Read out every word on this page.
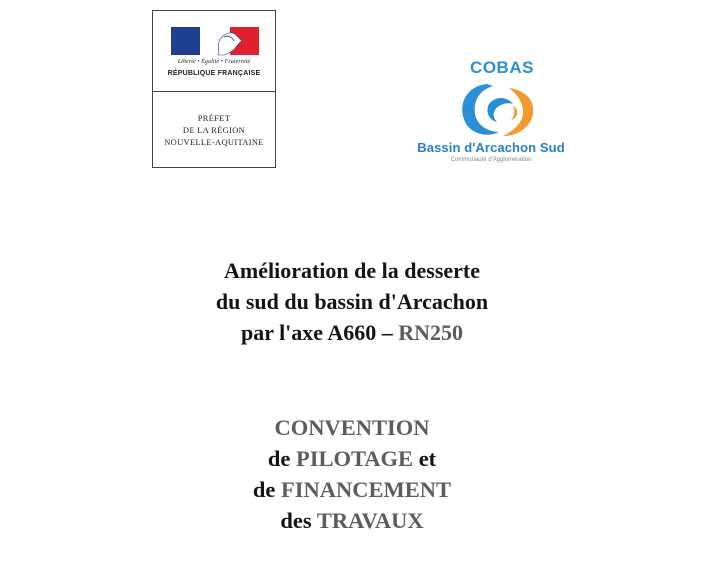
Liberté • Égalité • Fraternité
RÉPUBLIQUE FRANÇAISE
PRÉFET
DE LA RÉGION
NOUVELLE-AQUITAINE
COBAS
Bassin d'Arcachon Sud
Communauté d'Agglomération
Amélioration de la desserte
du sud du bassin d'Arcachon
par l'axe A660 – RN250
CONVENTION
de PILOTAGE et
de FINANCEMENT
des TRAVAUX
